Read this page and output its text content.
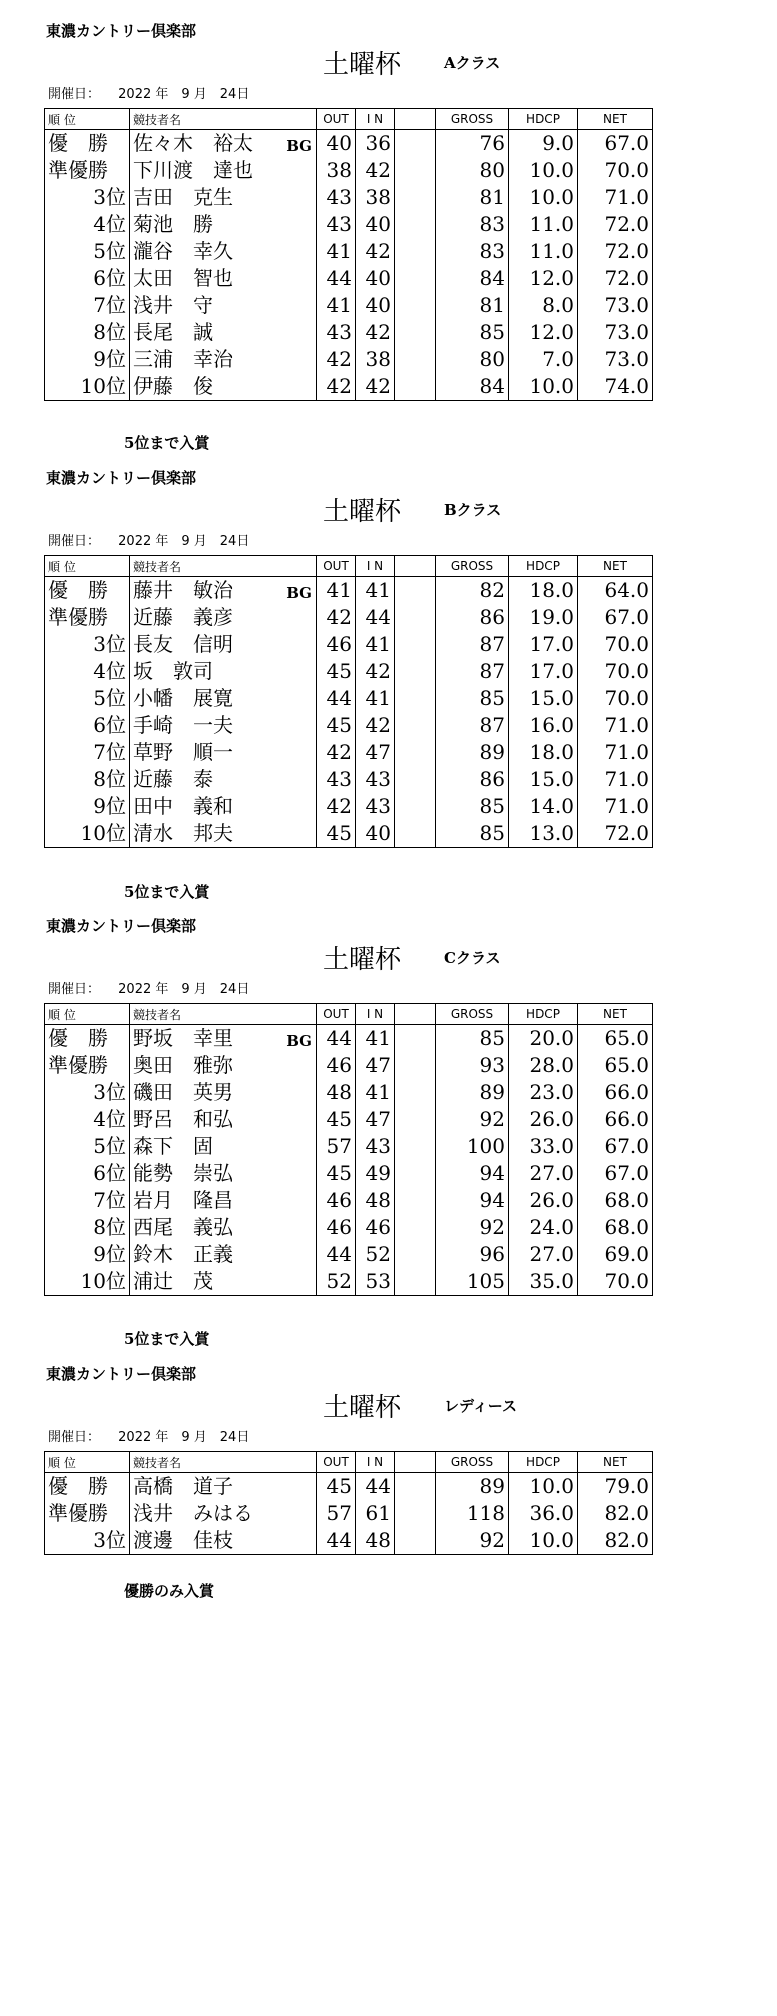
東濃カントリー倶楽部
土曜杯	Aクラス
開催日： 2022 年　9 月　24日
順 位	競技者名	OUT	I N		GROSS	HDCP	NET
優　勝	佐々木　裕太 BG	40	36		76	9.0	67.0
準優勝	下川渡　達也	38	42		80	10.0	70.0
3位	吉田　克生	43	38		81	10.0	71.0
4位	菊池　勝	43	40		83	11.0	72.0
5位	瀧谷　幸久	41	42		83	11.0	72.0
6位	太田　智也	44	40		84	12.0	72.0
7位	浅井　守	41	40		81	8.0	73.0
8位	長尾　誠	43	42		85	12.0	73.0
9位	三浦　幸治	42	38		80	7.0	73.0
10位	伊藤　俊	42	42		84	10.0	74.0
5位まで入賞
東濃カントリー倶楽部
土曜杯	Bクラス
開催日： 2022 年　9 月　24日
順 位	競技者名	OUT	I N		GROSS	HDCP	NET
優　勝	藤井　敏治 BG	41	41		82	18.0	64.0
準優勝	近藤　義彦	42	44		86	19.0	67.0
3位	長友　信明	46	41		87	17.0	70.0
4位	坂　敦司	45	42		87	17.0	70.0
5位	小幡　展寛	44	41		85	15.0	70.0
6位	手崎　一夫	45	42		87	16.0	71.0
7位	草野　順一	42	47		89	18.0	71.0
8位	近藤　泰	43	43		86	15.0	71.0
9位	田中　義和	42	43		85	14.0	71.0
10位	清水　邦夫	45	40		85	13.0	72.0
5位まで入賞
東濃カントリー倶楽部
土曜杯	Cクラス
開催日： 2022 年　9 月　24日
順 位	競技者名	OUT	I N		GROSS	HDCP	NET
優　勝	野坂　幸里 BG	44	41		85	20.0	65.0
準優勝	奥田　雅弥	46	47		93	28.0	65.0
3位	磯田　英男	48	41		89	23.0	66.0
4位	野呂　和弘	45	47		92	26.0	66.0
5位	森下　固	57	43		100	33.0	67.0
6位	能勢　崇弘	45	49		94	27.0	67.0
7位	岩月　隆昌	46	48		94	26.0	68.0
8位	西尾　義弘	46	46		92	24.0	68.0
9位	鈴木　正義	44	52		96	27.0	69.0
10位	浦辻　茂	52	53		105	35.0	70.0
5位まで入賞
東濃カントリー倶楽部
土曜杯	レディース
開催日： 2022 年　9 月　24日
順 位	競技者名	OUT	I N		GROSS	HDCP	NET
優　勝	高橋　道子	45	44		89	10.0	79.0
準優勝	浅井　みはる	57	61		118	36.0	82.0
3位	渡邊　佳枝	44	48		92	10.0	82.0
優勝のみ入賞
